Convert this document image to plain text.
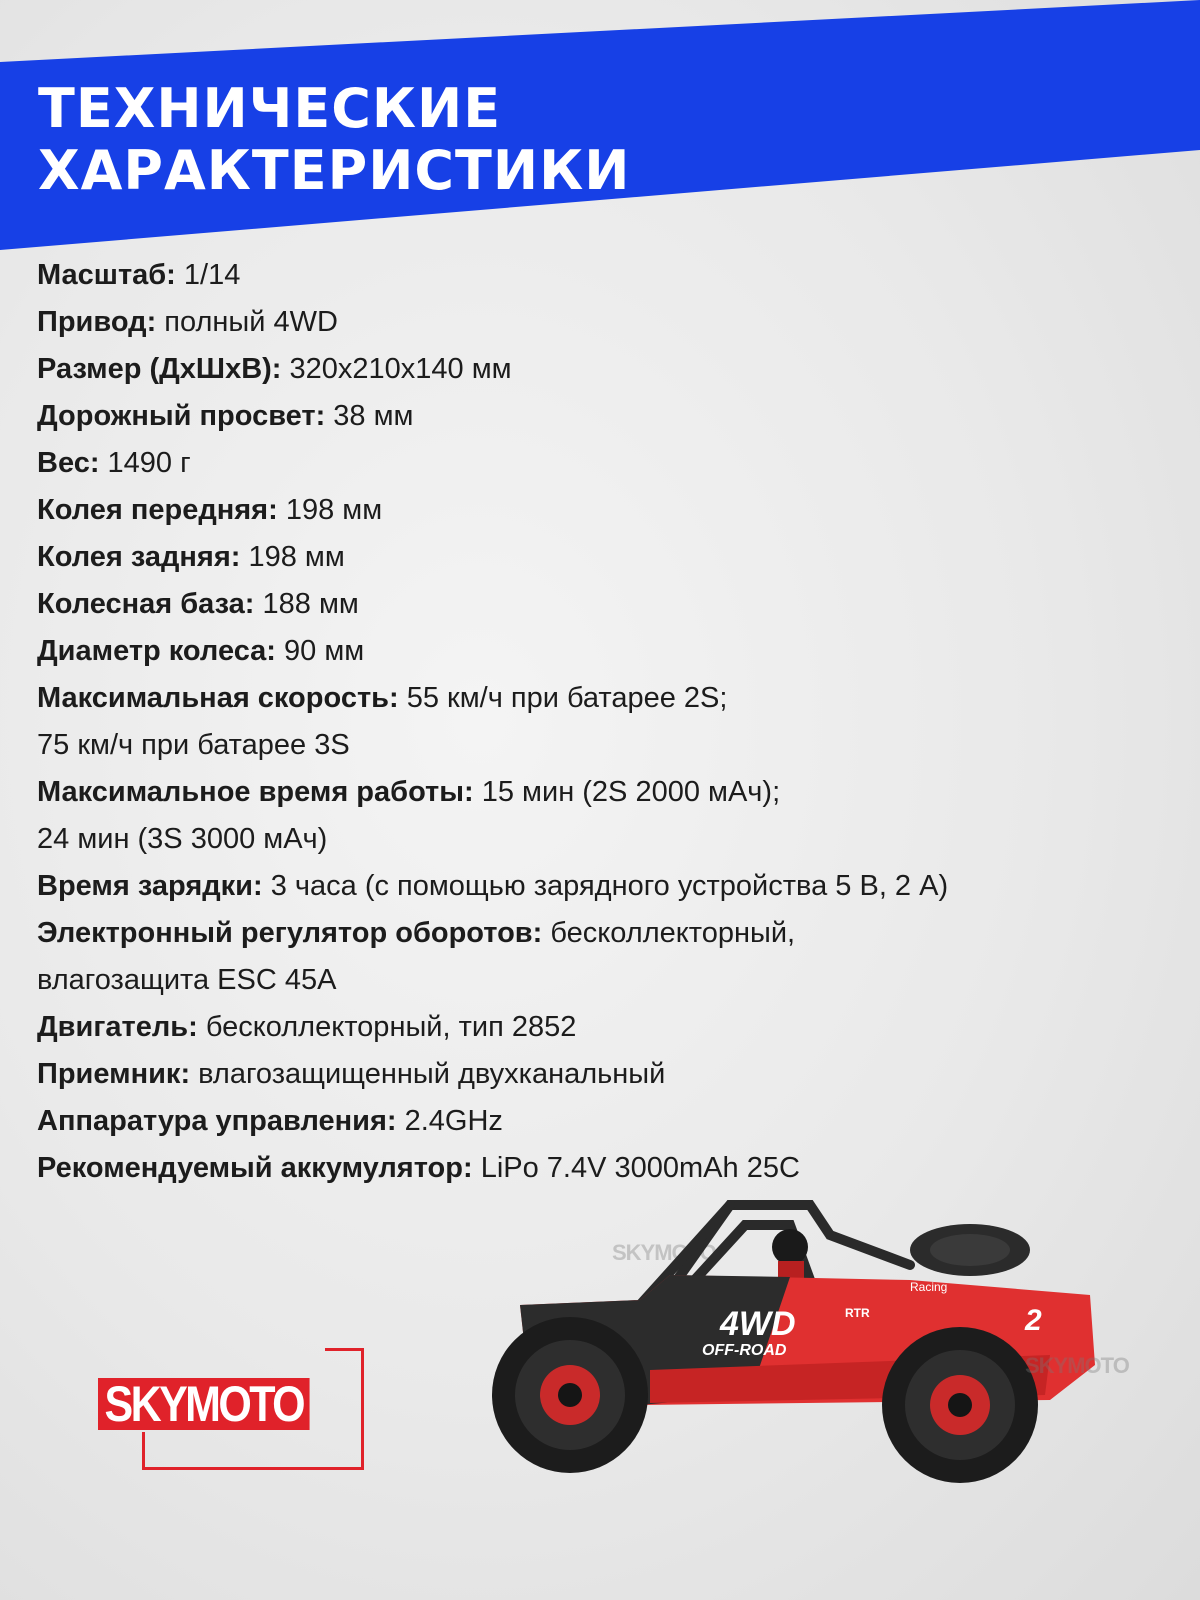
ТЕХНИЧЕСКИЕ
ХАРАКТЕРИСТИКИ
Масштаб: 1/14
Привод: полный 4WD
Размер (ДхШхВ): 320x210x140 мм
Дорожный просвет: 38 мм
Вес: 1490 г
Колея передняя: 198 мм
Колея задняя: 198 мм
Колесная база: 188 мм
Диаметр колеса: 90 мм
Максимальная скорость: 55 км/ч при батарее 2S;
75 км/ч при батарее 3S
Максимальное время работы: 15 мин (2S 2000 мАч);
24 мин (3S 3000 мАч)
Время зарядки: 3 часа (с помощью зарядного устройства 5 В, 2 А)
Электронный регулятор оборотов: бесколлекторный,
влагозащита ESC 45A
Двигатель: бесколлекторный, тип 2852
Приемник: влагозащищенный двухканальный
Аппаратура управления: 2.4GHz
Рекомендуемый аккумулятор: LiPo 7.4V 3000mAh 25C
SKYMOTO
SKYMOTO
4WD
OFF-ROAD
RTR
Racing
2
SKYMOTO
